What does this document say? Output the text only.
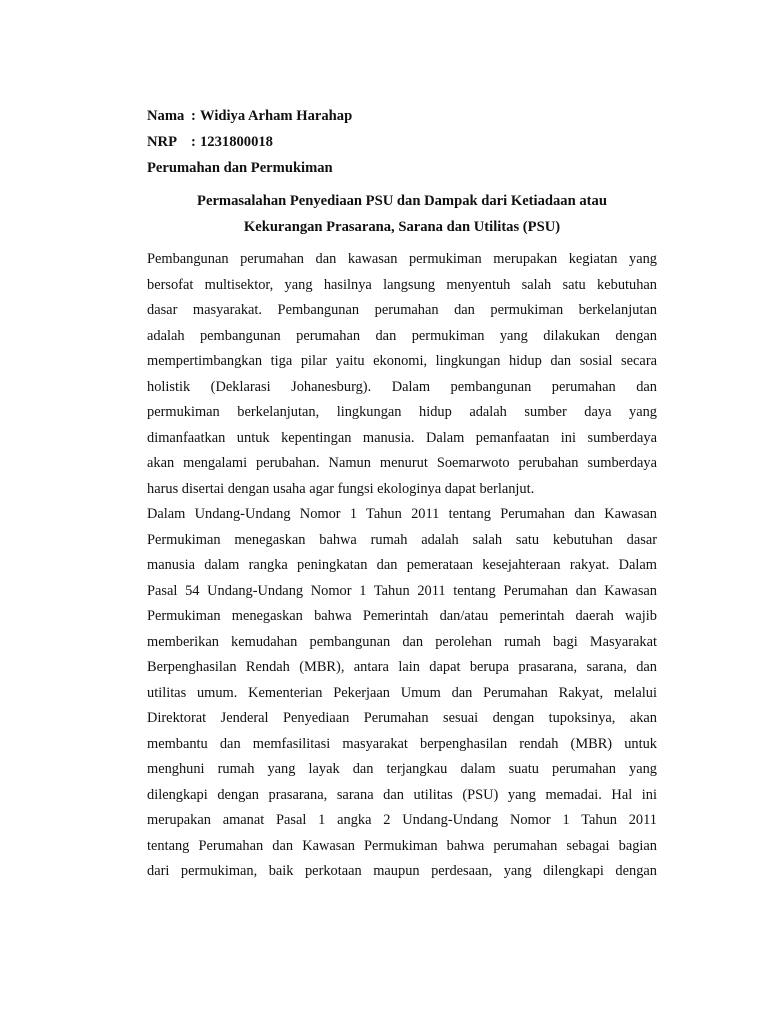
Nama : Widiya Arham Harahap
NRP : 1231800018
Perumahan dan Permukiman
Permasalahan Penyediaan PSU dan Dampak dari Ketiadaan atau
Kekurangan Prasarana, Sarana dan Utilitas (PSU)
Pembangunan perumahan dan kawasan permukiman merupakan kegiatan yang
bersofat multisektor, yang hasilnya langsung menyentuh salah satu kebutuhan
dasar masyarakat. Pembangunan perumahan dan permukiman berkelanjutan
adalah pembangunan perumahan dan permukiman yang dilakukan dengan
mempertimbangkan tiga pilar yaitu ekonomi, lingkungan hidup dan sosial secara
holistik (Deklarasi Johanesburg). Dalam pembangunan perumahan dan
permukiman berkelanjutan, lingkungan hidup adalah sumber daya yang
dimanfaatkan untuk kepentingan manusia. Dalam pemanfaatan ini sumberdaya
akan mengalami perubahan. Namun menurut Soemarwoto perubahan sumberdaya
harus disertai dengan usaha agar fungsi ekologinya dapat berlanjut.
Dalam Undang-Undang Nomor 1 Tahun 2011 tentang Perumahan dan Kawasan
Permukiman menegaskan bahwa rumah adalah salah satu kebutuhan dasar
manusia dalam rangka peningkatan dan pemerataan kesejahteraan rakyat. Dalam
Pasal 54 Undang-Undang Nomor 1 Tahun 2011 tentang Perumahan dan Kawasan
Permukiman menegaskan bahwa Pemerintah dan/atau pemerintah daerah wajib
memberikan kemudahan pembangunan dan perolehan rumah bagi Masyarakat
Berpenghasilan Rendah (MBR), antara lain dapat berupa prasarana, sarana, dan
utilitas umum. Kementerian Pekerjaan Umum dan Perumahan Rakyat, melalui
Direktorat Jenderal Penyediaan Perumahan sesuai dengan tupoksinya, akan
membantu dan memfasilitasi masyarakat berpenghasilan rendah (MBR) untuk
menghuni rumah yang layak dan terjangkau dalam suatu perumahan yang
dilengkapi dengan prasarana, sarana dan utilitas (PSU) yang memadai. Hal ini
merupakan amanat Pasal 1 angka 2 Undang-Undang Nomor 1 Tahun 2011
tentang Perumahan dan Kawasan Permukiman bahwa perumahan sebagai bagian
dari permukiman, baik perkotaan maupun perdesaan, yang dilengkapi dengan
